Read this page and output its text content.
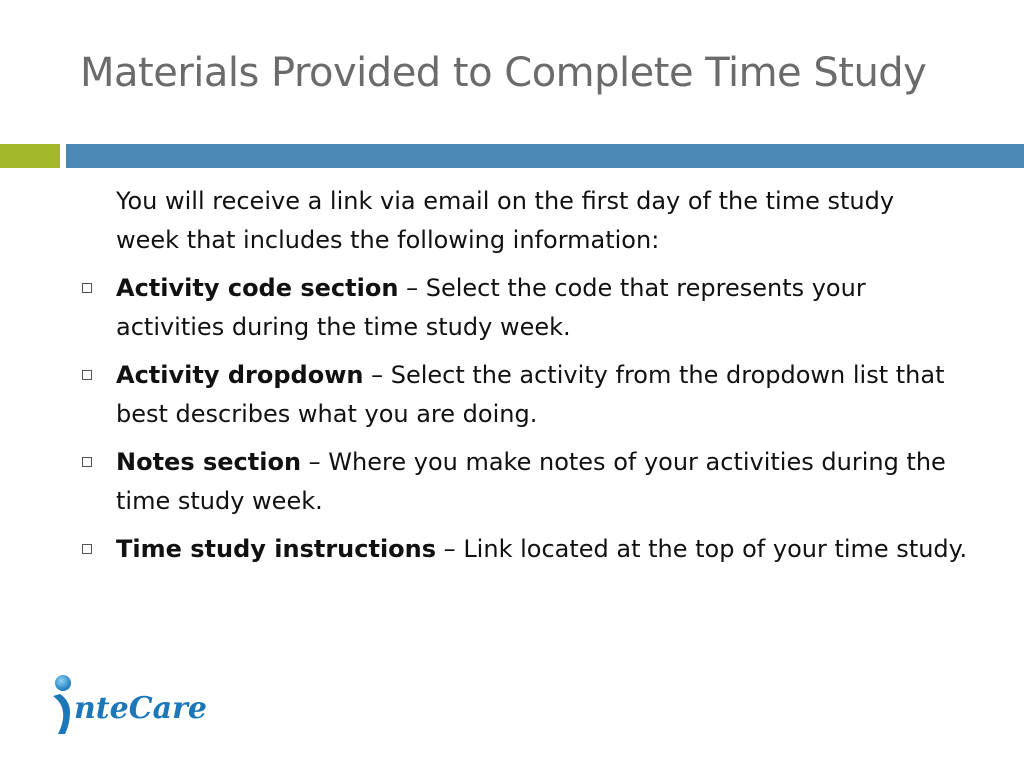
Materials Provided to Complete Time Study

You will receive a link via email on the first day of the time study week that includes the following information:

Activity code section – Select the code that represents your activities during the time study week.
Activity dropdown – Select the activity from the dropdown list that best describes what you are doing.
Notes section – Where you make notes of your activities during the time study week.
Time study instructions – Link located at the top of your time study.
nteCare
